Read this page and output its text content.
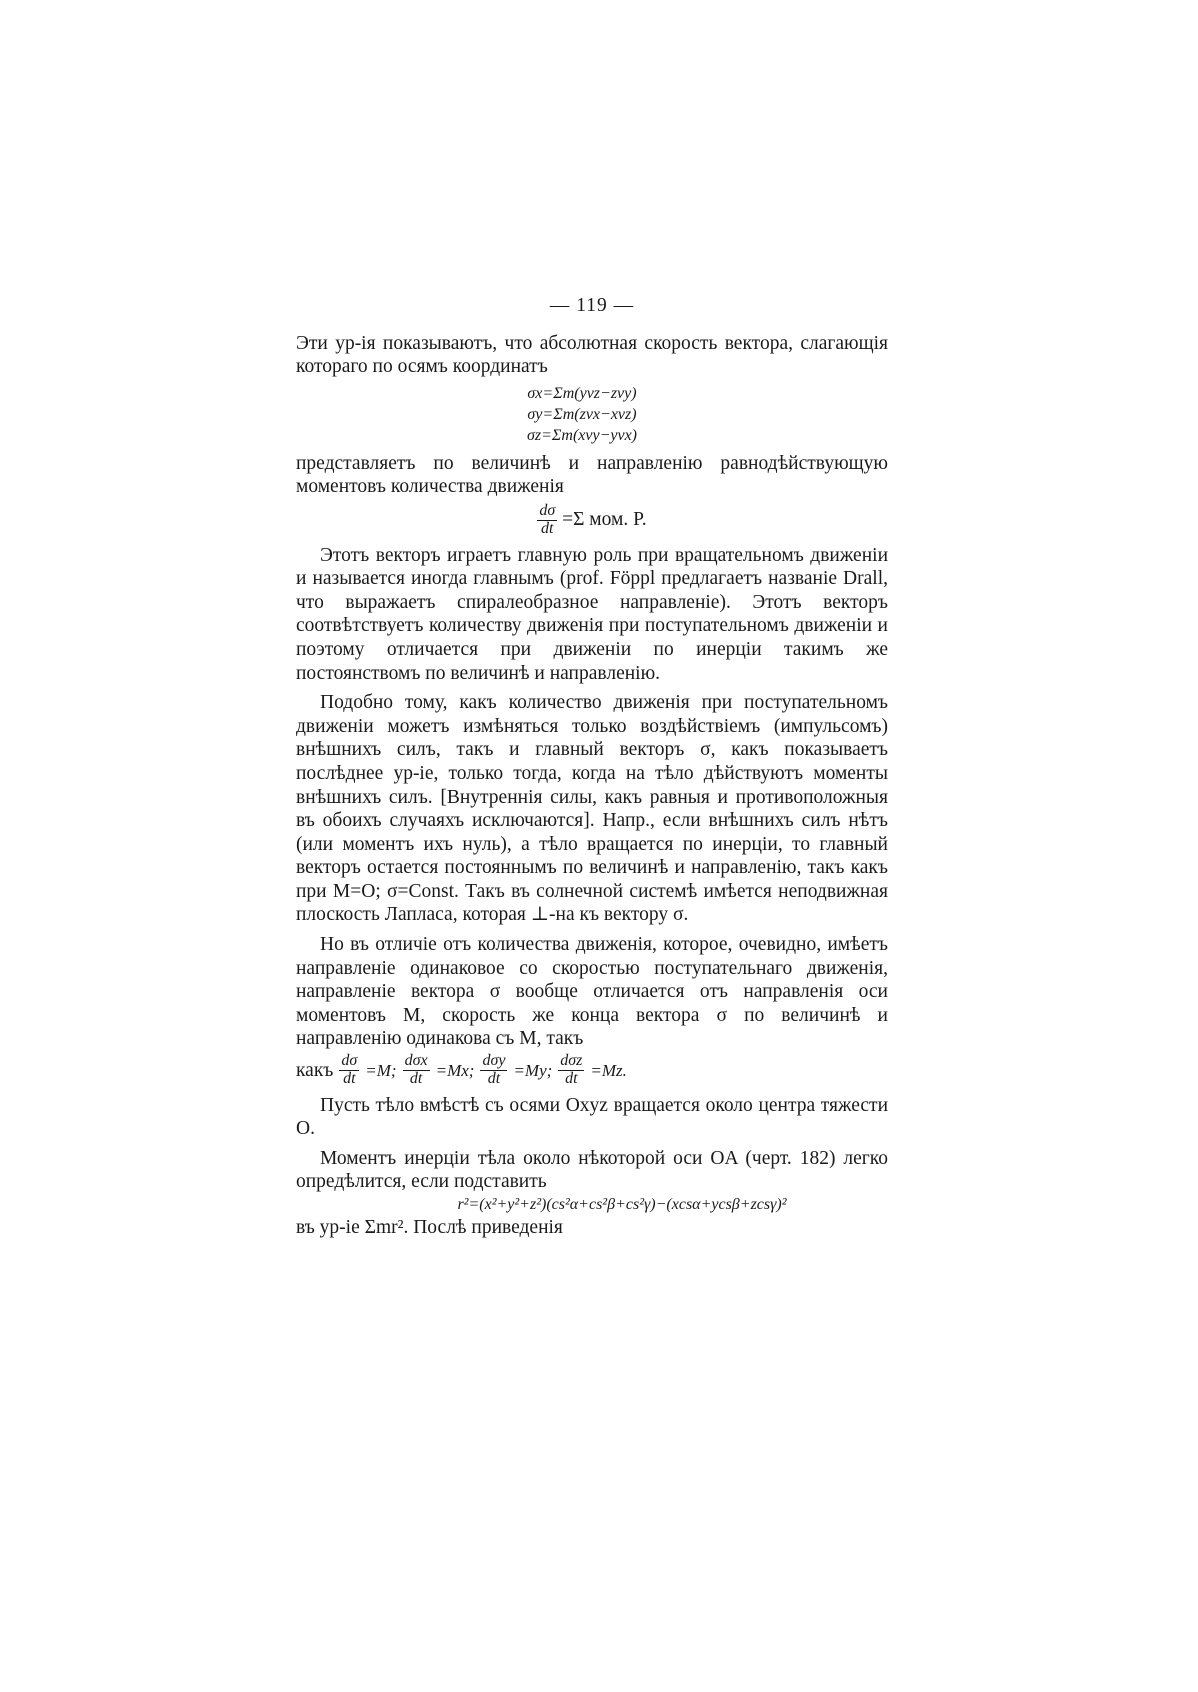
— 119 —

Эти ур-iя показываютъ, что абсолютная скорость вектора, слагающiя котораго по осямъ координатъ

σx=Σm(yvz−zvy)
σy=Σm(zvx−xvz)
σz=Σm(xvy−yvx)

представляетъ по величинѣ и направленiю равнодѣйствующую моментовъ количества движенiя

$\frac{d\sigma}{dt} =\Sigma$ мом. P.

Этотъ векторъ играетъ главную роль при вращательномъ движенiи и называется иногда главнымъ (prof. Föppl предлагаетъ названiе Drall, что выражаетъ спиралеобразное направленiе). Этотъ векторъ соотвѣтствуетъ количеству движенiя при поступательномъ движенiи и поэтому отличается при движенiи по инерцiи такимъ же постоянствомъ по величинѣ и направленiю.

Подобно тому, какъ количество движенiя при поступательномъ движенiи можетъ измѣняться только воздѣйствiемъ (импульсомъ) внѣшнихъ силъ, такъ и главный векторъ σ, какъ показываетъ послѣднее ур-iе, только тогда, когда на тѣло дѣйствуютъ моменты внѣшнихъ силъ. [Внутреннiя силы, какъ равныя и противоположныя въ обоихъ случаяхъ исключаются]. Напр., если внѣшнихъ силъ нѣтъ (или моментъ ихъ нуль), а тѣло вращается по инерцiи, то главный векторъ остается постояннымъ по величинѣ и направленiю, такъ какъ при M=O; σ=Const. Такъ въ солнечной системѣ имѣется неподвижная плоскость Лапласа, которая ⊥-на къ вектору σ.

Но въ отличiе отъ количества движенiя, которое, очевидно, имѣетъ направленiе одинаковое со скоростью поступательнаго движенiя, направленiе вектора σ вообще отличается отъ направленiя оси моментовъ M, скорость же конца вектора σ по величинѣ и направленiю одинакова съ M, такъ

какъ $\frac{d\sigma}{dt} =M$; $\frac{\text{dσx}}{dt} =Mx$; $\frac{\text{dσy}}{dt} =My$; $\frac{\text{dσz}}{dt} =Mz$.

Пусть тѣло вмѣстѣ съ осями Oxyz вращается около центра тяжести O.

Моментъ инерцiи тѣла около нѣкоторой оси OA (черт. 182) легко опредѣлится, если подставить

r²=(x²+y²+z²)(cs²α+cs²β+cs²γ)−(xcsα+ycsβ+zcsγ)²

въ ур-iе Σmr². Послѣ приведенiя
